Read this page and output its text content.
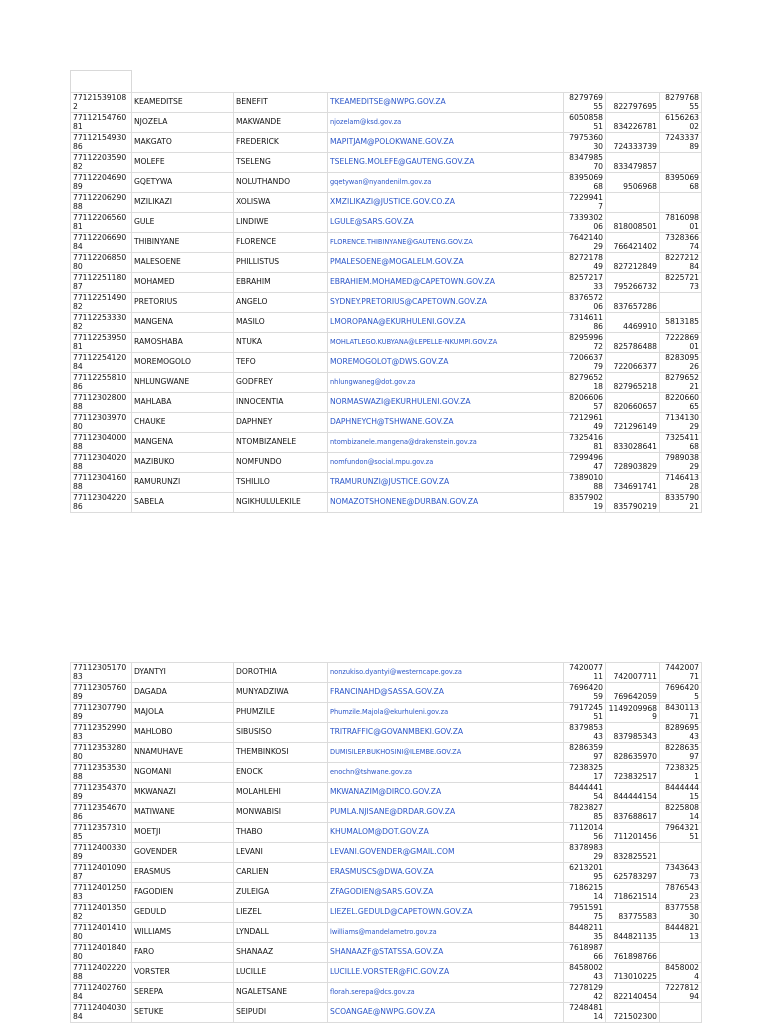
771215391082	KEAMEDITSE	BENEFIT	TKEAMEDITSE@NWPG.GOV.ZA	827976955	822797695	827976855
7711215476081	NJOZELA	MAKWANDE	njozelam@ksd.gov.za	605085851	834226781	615626302
7711215493086	MAKGATO	FREDERICK	MAPITJAM@POLOKWANE.GOV.ZA	797536030	724333739	724333789
7711220359082	MOLEFE	TSELENG	TSELENG.MOLEFE@GAUTENG.GOV.ZA	834798570	833479857	
7711220469089	GQETYWA	NOLUTHANDO	gqetywan@nyandenilm.gov.za	839506968	9506968	839506968
7711220629088	MZILIKAZI	XOLISWA	XMZILIKAZI@JUSTICE.GOV.CO.ZA	72299417		
7711220656081	GULE	LINDIWE	LGULE@SARS.GOV.ZA	733930206	818008501	781609801
7711220669084	THIBINYANE	FLORENCE	FLORENCE.THIBINYANE@GAUTENG.GOV.ZA	764214029	766421402	732836674
7711220685080	MALESOENE	PHILLISTUS	PMALESOENE@MOGALELM.GOV.ZA	827217849	827212849	822721284
7711225118087	MOHAMED	EBRAHIM	EBRAHIEM.MOHAMED@CAPETOWN.GOV.ZA	825721733	795266732	822572173
7711225149082	PRETORIUS	ANGELO	SYDNEY.PRETORIUS@CAPETOWN.GOV.ZA	837657206	837657286	
7711225333082	MANGENA	MASILO	LMOROPANA@EKURHULENI.GOV.ZA	731461186	4469910	5813185
7711225395081	RAMOSHABA	NTUKA	MOHLATLEGO.KUBYANA@LEPELLE-NKUMPI.GOV.ZA	829599672	825786488	722286901
7711225412084	MOREMOGOLO	TEFO	MOREMOGOLOT@DWS.GOV.ZA	720663779	722066377	828309526
7711225581086	NHLUNGWANE	GODFREY	nhlungwaneg@dot.gov.za	827965218	827965218	827965221
7711230280088	MAHLABA	INNOCENTIA	NORMASWAZI@EKURHULENI.GOV.ZA	820660657	820660657	822066065
7711230397080	CHAUKE	DAPHNEY	DAPHNEYCH@TSHWANE.GOV.ZA	721296149	721296149	713413029
7711230400088	MANGENA	NTOMBIZANELE	ntombizanele.mangena@drakenstein.gov.za	732541681	833028641	732541168
7711230402088	MAZIBUKO	NOMFUNDO	nomfundon@social.mpu.gov.za	729949647	728903829	798903829
7711230416088	RAMURUNZI	TSHILILO	TRAMURUNZI@JUSTICE.GOV.ZA	738901088	734691741	714641328
7711230422086	SABELA	NGIKHULULEKILE	NOMAZOTSHONENE@DURBAN.GOV.ZA	835790219	835790219	833579021
7711230517083	DYANTYI	DOROTHIA	nonzukiso.dyantyi@westerncape.gov.za	742007711	742007711	744200771
7711230576089	DAGADA	MUNYADZIWA	FRANCINAHD@SASSA.GOV.ZA	769642059	769642059	76964205
7711230779089	MAJOLA	PHUMZILE	Phumzile.Majola@ekurhuleni.gov.za	791724551	11492099689	843011371
7711235299083	MAHLOBO	SIBUSISO	TRITRAFFIC@GOVANMBEKI.GOV.ZA	837985343	837985343	828969543
7711235328080	NNAMUHAVE	THEMBINKOSI	DUMISILEP.BUKHOSINI@ILEMBE.GOV.ZA	828635997	828635970	822863597
7711235353088	NGOMANI	ENOCK	enochn@tshwane.gov.za	723832517	723832517	72383251
7711235437089	MKWANAZI	MOLAHLEHI	MKWANAZIM@DIRCO.GOV.ZA	844444154	844444154	844444415
7711235467086	MATIWANE	MONWABISI	PUMLA.NJISANE@DRDAR.GOV.ZA	782382785	837688617	822580814
7711235731085	MOETJI	THABO	KHUMALOM@DOT.GOV.ZA	711201456	711201456	796432151
7711240033089	GOVENDER	LEVANI	LEVANI.GOVENDER@GMAIL.COM	837898329	832825521	
7711240109087	ERASMUS	CARLIEN	ERASMUSCS@DWA.GOV.ZA	621320195	625783297	734364373
7711240125083	FAGODIEN	ZULEIGA	ZFAGODIEN@SARS.GOV.ZA	718621514	718621514	787654323
7711240135082	GEDULD	LIEZEL	LIEZEL.GEDULD@CAPETOWN.GOV.ZA	795159175	83775583	837755830
7711240141080	WILLIAMS	LYNDALL	lwilliams@mandelametro.gov.za	844821135	844821135	844482113
7711240184080	FARO	SHANAAZ	SHANAAZF@STATSSA.GOV.ZA	761898766	761898766	
7711240222088	VORSTER	LUCILLE	LUCILLE.VORSTER@FIC.GOV.ZA	845800243	713010225	84580024
7711240276084	SEREPA	NGALETSANE	florah.serepa@dcs.gov.za	727812942	822140454	722781294
7711240403084	SETUKE	SEIPUDI	SCOANGAE@NWPG.GOV.ZA	724848114	721502300	
